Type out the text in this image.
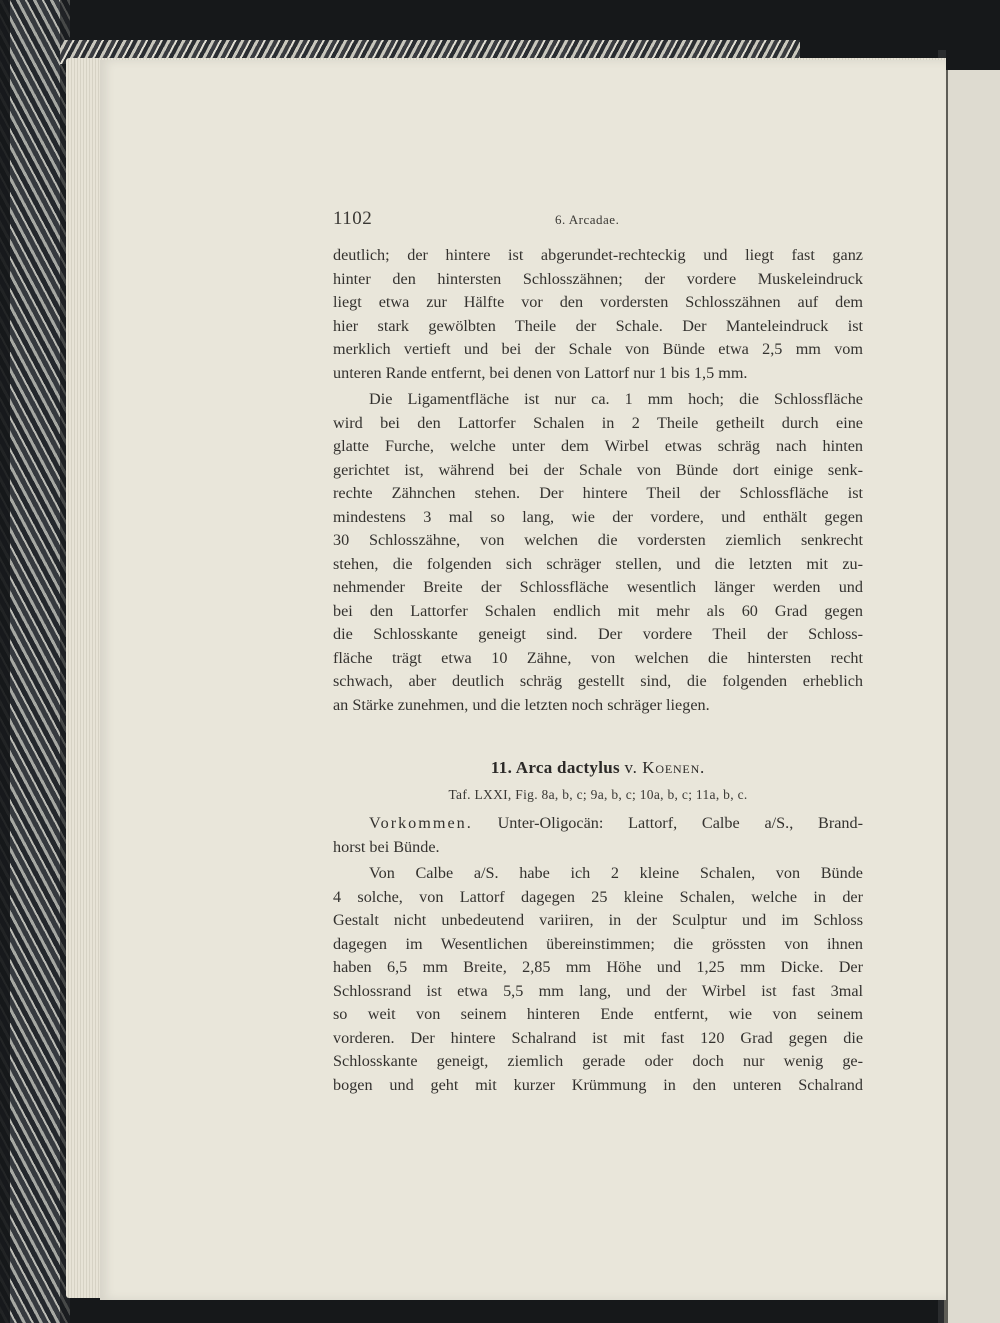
1102	6. Arcadae.
deutlich; der hintere ist abgerundet-rechteckig und liegt fast ganz
hinter den hintersten Schlosszähnen; der vordere Muskeleindruck
liegt etwa zur Hälfte vor den vordersten Schlosszähnen auf dem
hier stark gewölbten Theile der Schale. Der Manteleindruck ist
merklich vertieft und bei der Schale von Bünde etwa 2,5 mm vom
unteren Rande entfernt, bei denen von Lattorf nur 1 bis 1,5 mm.
Die Ligamentfläche ist nur ca. 1 mm hoch; die Schlossfläche
wird bei den Lattorfer Schalen in 2 Theile getheilt durch eine
glatte Furche, welche unter dem Wirbel etwas schräg nach hinten
gerichtet ist, während bei der Schale von Bünde dort einige senk-
rechte Zähnchen stehen. Der hintere Theil der Schlossfläche ist
mindestens 3 mal so lang, wie der vordere, und enthält gegen
30 Schlosszähne, von welchen die vordersten ziemlich senkrecht
stehen, die folgenden sich schräger stellen, und die letzten mit zu-
nehmender Breite der Schlossfläche wesentlich länger werden und
bei den Lattorfer Schalen endlich mit mehr als 60 Grad gegen
die Schlosskante geneigt sind. Der vordere Theil der Schloss-
fläche trägt etwa 10 Zähne, von welchen die hintersten recht
schwach, aber deutlich schräg gestellt sind, die folgenden erheblich
an Stärke zunehmen, und die letzten noch schräger liegen.
11. Arca dactylus v. Koenen.
Taf. LXXI, Fig. 8a, b, c; 9a, b, c; 10a, b, c; 11a, b, c.
Vorkommen. Unter-Oligocän: Lattorf, Calbe a/S., Brand-
horst bei Bünde.
Von Calbe a/S. habe ich 2 kleine Schalen, von Bünde
4 solche, von Lattorf dagegen 25 kleine Schalen, welche in der
Gestalt nicht unbedeutend variiren, in der Sculptur und im Schloss
dagegen im Wesentlichen übereinstimmen; die grössten von ihnen
haben 6,5 mm Breite, 2,85 mm Höhe und 1,25 mm Dicke. Der
Schlossrand ist etwa 5,5 mm lang, und der Wirbel ist fast 3mal
so weit von seinem hinteren Ende entfernt, wie von seinem
vorderen. Der hintere Schalrand ist mit fast 120 Grad gegen die
Schlosskante geneigt, ziemlich gerade oder doch nur wenig ge-
bogen und geht mit kurzer Krümmung in den unteren Schalrand
